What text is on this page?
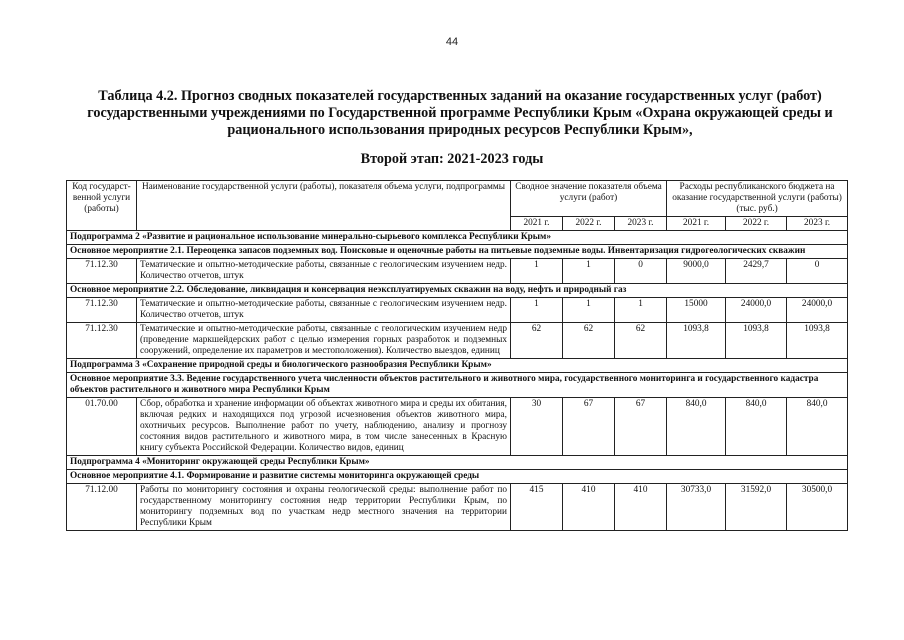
44
Таблица 4.2. Прогноз сводных показателей государственных заданий на оказание государственных услуг (работ) государственными учреждениями по Государственной программе Республики Крым «Охрана окружающей среды и рационального использования природных ресурсов Республики Крым»,
Второй этап: 2021-2023 годы
Код государст-венной услуги (работы)	Наименование государственной услуги (работы), показателя объема услуги, подпрограммы	Сводное значение показателя объема услуги (работ)			Расходы республиканского бюджета на оказание государственной услуги (работы) (тыс. руб.)		
		2021 г.	2022 г.	2023 г.	2021 г.	2022 г.	2023 г.
Подпрограмма 2 «Развитие и рациональное использование минерально-сырьевого комплекса Республики Крым»							
Основное мероприятие 2.1. Переоценка запасов подземных вод. Поисковые и оценочные работы на питьевые подземные воды. Инвентаризация гидрогеологических скважин							
71.12.30	Тематические и опытно-методические работы, связанные с геологическим изучением недр. Количество отчетов, штук	1	1	0	9000,0	2429,7	0
Основное мероприятие 2.2. Обследование, ликвидация и консервация неэксплуатируемых скважин на воду, нефть и природный газ							
71.12.30	Тематические и опытно-методические работы, связанные с геологическим изучением недр. Количество отчетов, штук	1	1	1	15000	24000,0	24000,0
71.12.30	Тематические и опытно-методические работы, связанные с геологическим изучением недр (проведение маркшейдерских работ с целью измерения горных разработок и подземных сооружений, определение их параметров и местоположения). Количество выездов, единиц	62	62	62	1093,8	1093,8	1093,8
Подпрограмма 3 «Сохранение природной среды и биологического разнообразия Республики Крым»							
Основное мероприятие 3.3. Ведение государственного учета численности объектов растительного и животного мира, государственного мониторинга и государственного кадастра объектов растительного и животного мира Республики Крым							
01.70.00	Сбор, обработка и хранение информации об объектах животного мира и среды их обитания, включая редких и находящихся под угрозой исчезновения объектов животного мира, охотничьих ресурсов. Выполнение работ по учету, наблюдению, анализу и прогнозу состояния видов растительного и животного мира, в том числе занесенных в Красную книгу субъекта Российской Федерации. Количество видов, единиц	30	67	67	840,0	840,0	840,0
Подпрограмма 4 «Мониторинг окружающей среды Республики Крым»							
Основное мероприятие 4.1. Формирование и развитие системы мониторинга окружающей среды							
71.12.00	Работы по мониторингу состояния и охраны геологической среды: выполнение работ по государственному мониторингу состояния недр территории Республики Крым, по мониторингу подземных вод по участкам недр местного значения на территории Республики Крым	415	410	410	30733,0	31592,0	30500,0
